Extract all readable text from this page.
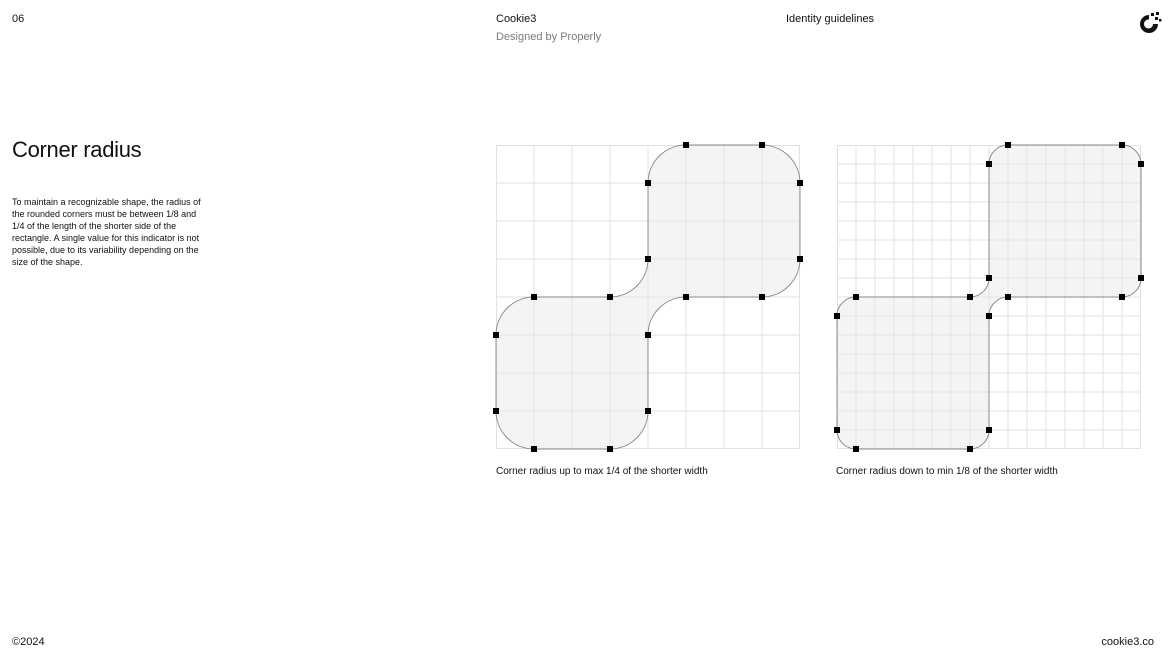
06	Cookie3
Designed by Properly
Identity guidelines
Corner radius
To maintain a recognizable shape, the radius of the rounded corners must be between 1/8 and 1/4 of the length of the shorter side of the rectangle. A single value for this indicator is not possible, due to its variability depending on the size of the shape.
Corner radius up to max 1/4 of the shorter width	Corner radius down to min 1/8 of the shorter width
©2024	cookie3.co
